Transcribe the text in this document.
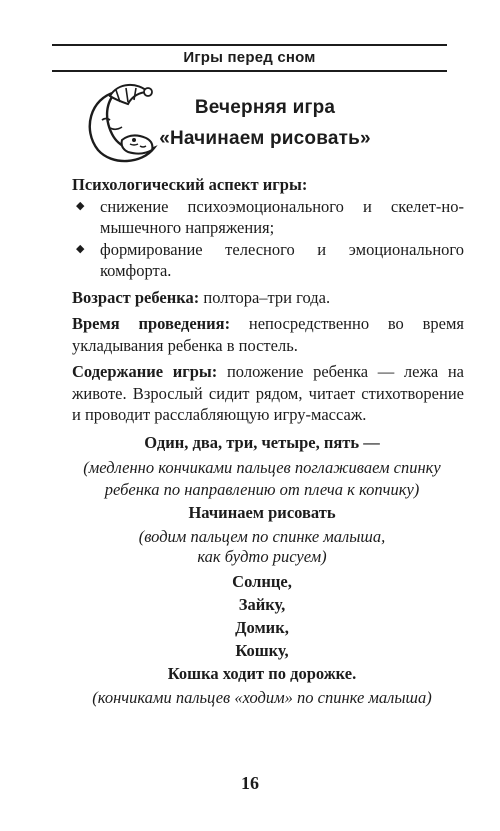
Игры перед сном
Вечерняя игра
«Начинаем рисовать»
Психологический аспект игры:
◆ снижение психоэмоционального и скелет-но-мышечного напряжения;
◆ формирование телесного и эмоционального комфорта.
Возраст ребенка: полтора–три года.
Время проведения: непосредственно во время укладывания ребенка в постель.
Содержание игры: положение ребенка — лежа на животе. Взрослый сидит рядом, читает стихотворение и проводит расслабляющую игру-массаж.
Один, два, три, четыре, пять —
(медленно кончиками пальцев поглаживаем спинку ребенка по направлению от плеча к копчику)
Начинаем рисовать
(водим пальцем по спинке малыша,
как будто рисуем)
Солнце,
Зайку,
Домик,
Кошку,
Кошка ходит по дорожке.
(кончиками пальцев «ходим» по спинке малыша)
16
